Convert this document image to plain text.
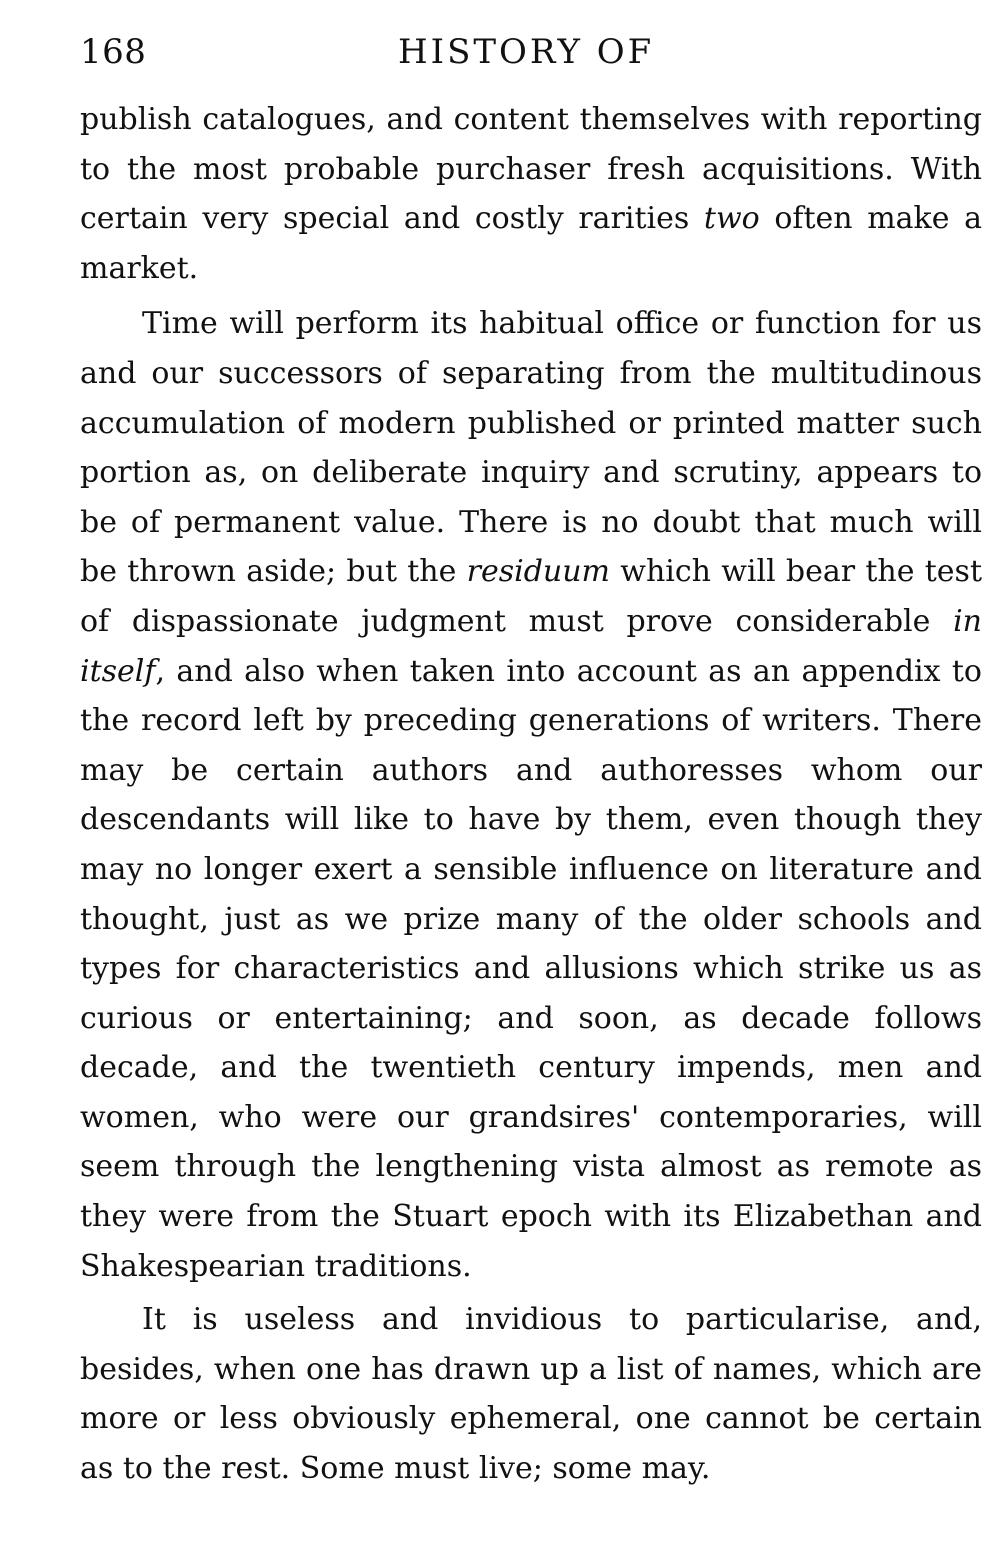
168	HISTORY OF

publish catalogues, and content themselves with reporting to the most probable purchaser fresh acquisitions. With certain very special and costly rarities two often make a market.

Time will perform its habitual office or function for us and our successors of separating from the multitudinous accumulation of modern published or printed matter such portion as, on deliberate inquiry and scrutiny, appears to be of permanent value. There is no doubt that much will be thrown aside; but the residuum which will bear the test of dispassionate judgment must prove considerable in itself, and also when taken into account as an appendix to the record left by preceding generations of writers. There may be certain authors and authoresses whom our descendants will like to have by them, even though they may no longer exert a sensible influence on literature and thought, just as we prize many of the older schools and types for characteristics and allusions which strike us as curious or entertaining; and soon, as decade follows decade, and the twentieth century impends, men and women, who were our grandsires' contemporaries, will seem through the lengthening vista almost as remote as they were from the Stuart epoch with its Elizabethan and Shakespearian traditions.

It is useless and invidious to particularise, and, besides, when one has drawn up a list of names, which are more or less obviously ephemeral, one cannot be certain as to the rest. Some must live; some may.
